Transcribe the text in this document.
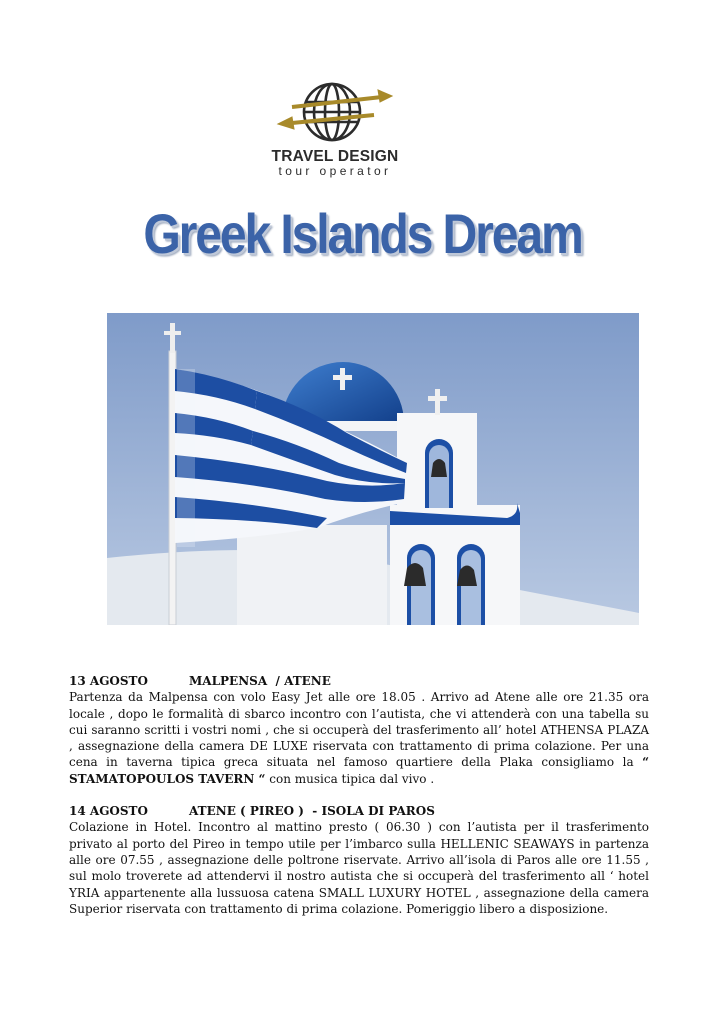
TRAVEL DESIGN
tour operator
Greek Islands Dream
13 AGOSTO	MALPENSA  / ATENE

Partenza da Malpensa con volo Easy Jet alle ore 18.05 . Arrivo ad Atene alle ore 21.35 ora locale , dopo le formalità di sbarco incontro con l’autista, che vi attenderà con una tabella su cui saranno scritti i vostri nomi , che si occuperà del trasferimento all’ hotel ATHENSA PLAZA , assegnazione della camera DE LUXE riservata con trattamento di prima colazione. Per una cena in taverna tipica greca situata nel famoso quartiere della Plaka consigliamo la “ STAMATOPOULOS TAVERN “ con musica tipica dal vivo .

14 AGOSTO	ATENE ( PIREO )  - ISOLA DI PAROS

Colazione in Hotel. Incontro al mattino presto ( 06.30 ) con l’autista per il trasferimento privato al porto del Pireo in tempo utile per l’imbarco sulla HELLENIC SEAWAYS in partenza alle ore 07.55 , assegnazione delle poltrone riservate. Arrivo all’isola di Paros alle ore 11.55 , sul molo troverete ad attendervi il nostro autista che si occuperà del trasferimento all ‘ hotel YRIA appartenente alla lussuosa catena SMALL LUXURY HOTEL , assegnazione della camera Superior riservata con trattamento di prima colazione. Pomeriggio libero a disposizione.
